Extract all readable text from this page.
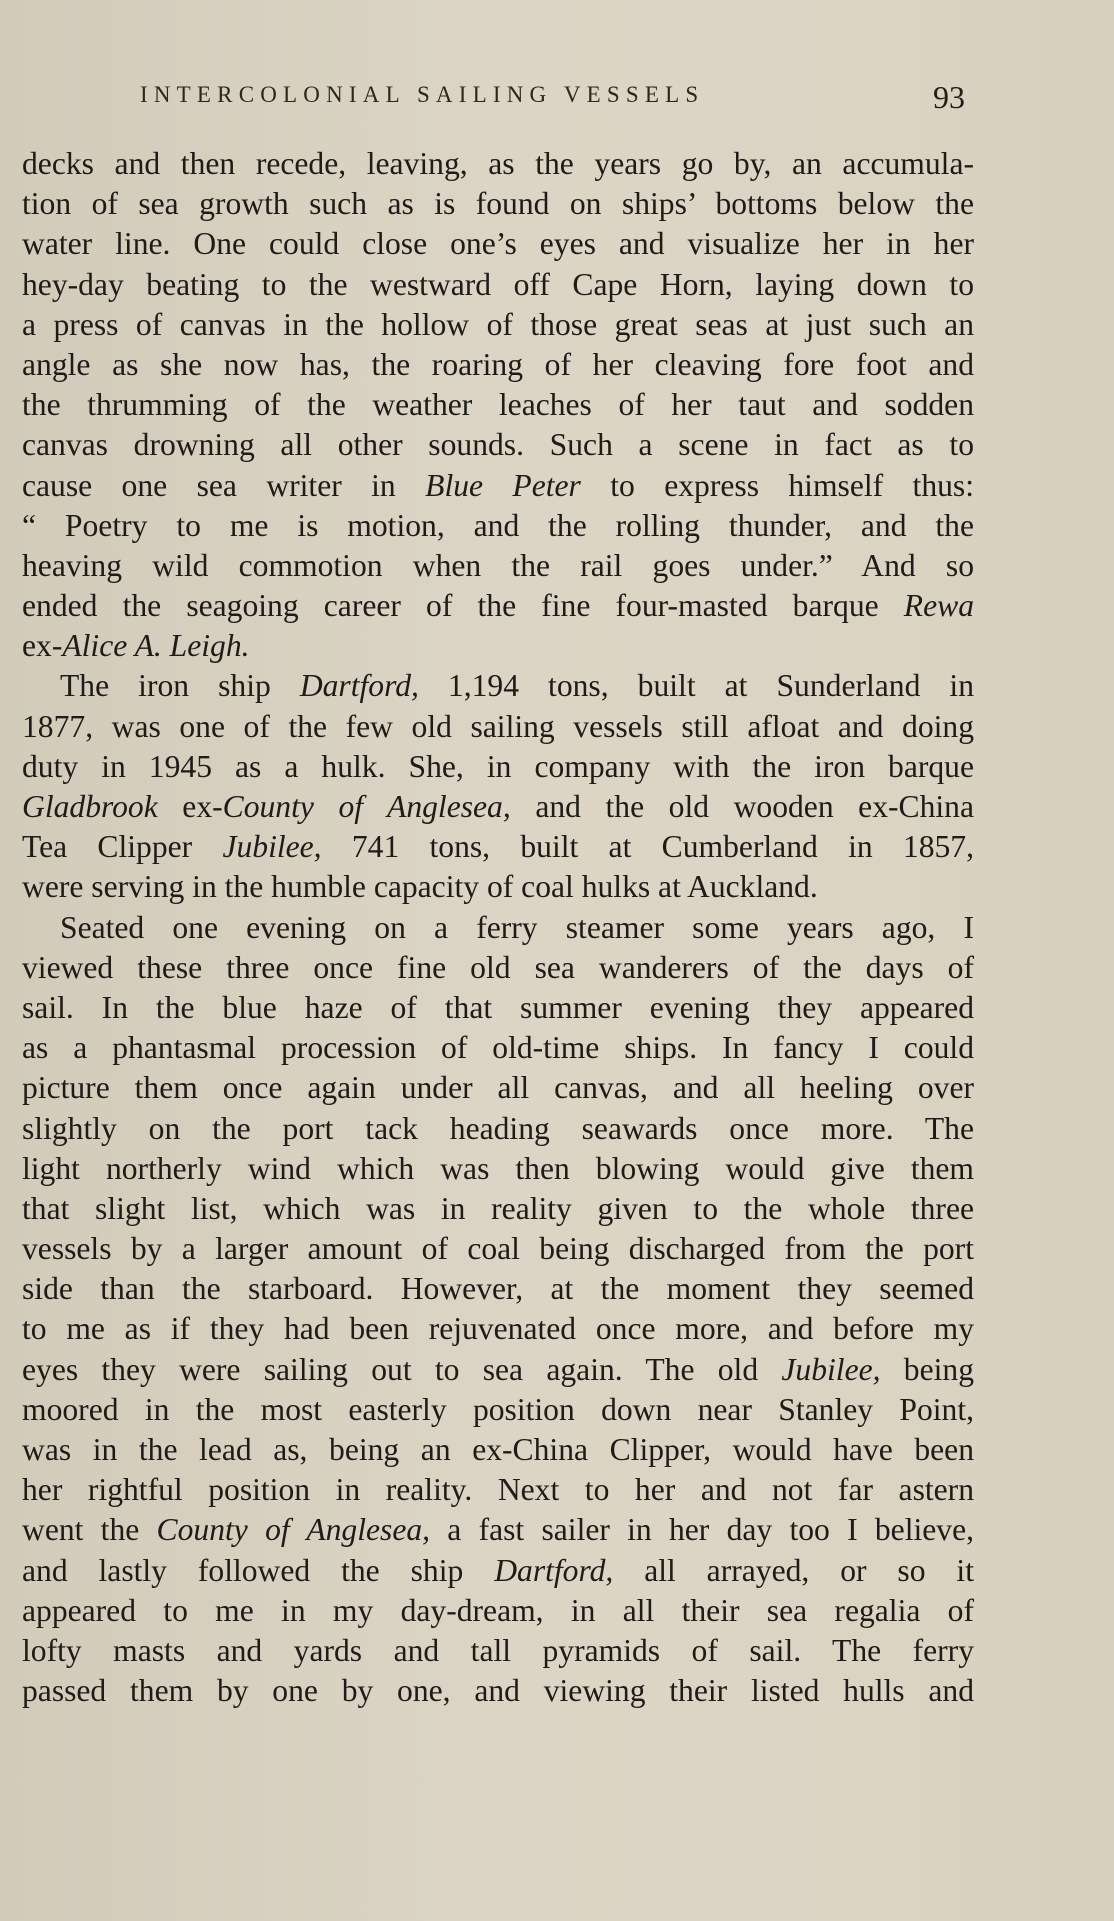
INTERCOLONIAL SAILING VESSELS	93
decks and then recede, leaving, as the years go by, an accumula-
tion of sea growth such as is found on ships’ bottoms below the
water line. One could close one’s eyes and visualize her in her
hey-day beating to the westward off Cape Horn, laying down to
a press of canvas in the hollow of those great seas at just such an
angle as she now has, the roaring of her cleaving fore foot and
the thrumming of the weather leaches of her taut and sodden
canvas drowning all other sounds. Such a scene in fact as to
cause one sea writer in Blue Peter to express himself thus:
“ Poetry to me is motion, and the rolling thunder, and the
heaving wild commotion when the rail goes under.” And so
ended the seagoing career of the fine four-masted barque Rewa
ex-Alice A. Leigh.
The iron ship Dartford, 1,194 tons, built at Sunderland in
1877, was one of the few old sailing vessels still afloat and doing
duty in 1945 as a hulk. She, in company with the iron barque
Gladbrook ex-County of Anglesea, and the old wooden ex-China
Tea Clipper Jubilee, 741 tons, built at Cumberland in 1857,
were serving in the humble capacity of coal hulks at Auckland.
Seated one evening on a ferry steamer some years ago, I
viewed these three once fine old sea wanderers of the days of
sail. In the blue haze of that summer evening they appeared
as a phantasmal procession of old-time ships. In fancy I could
picture them once again under all canvas, and all heeling over
slightly on the port tack heading seawards once more. The
light northerly wind which was then blowing would give them
that slight list, which was in reality given to the whole three
vessels by a larger amount of coal being discharged from the port
side than the starboard. However, at the moment they seemed
to me as if they had been rejuvenated once more, and before my
eyes they were sailing out to sea again. The old Jubilee, being
moored in the most easterly position down near Stanley Point,
was in the lead as, being an ex-China Clipper, would have been
her rightful position in reality. Next to her and not far astern
went the County of Anglesea, a fast sailer in her day too I believe,
and lastly followed the ship Dartford, all arrayed, or so it
appeared to me in my day-dream, in all their sea regalia of
lofty masts and yards and tall pyramids of sail. The ferry
passed them by one by one, and viewing their listed hulls and
